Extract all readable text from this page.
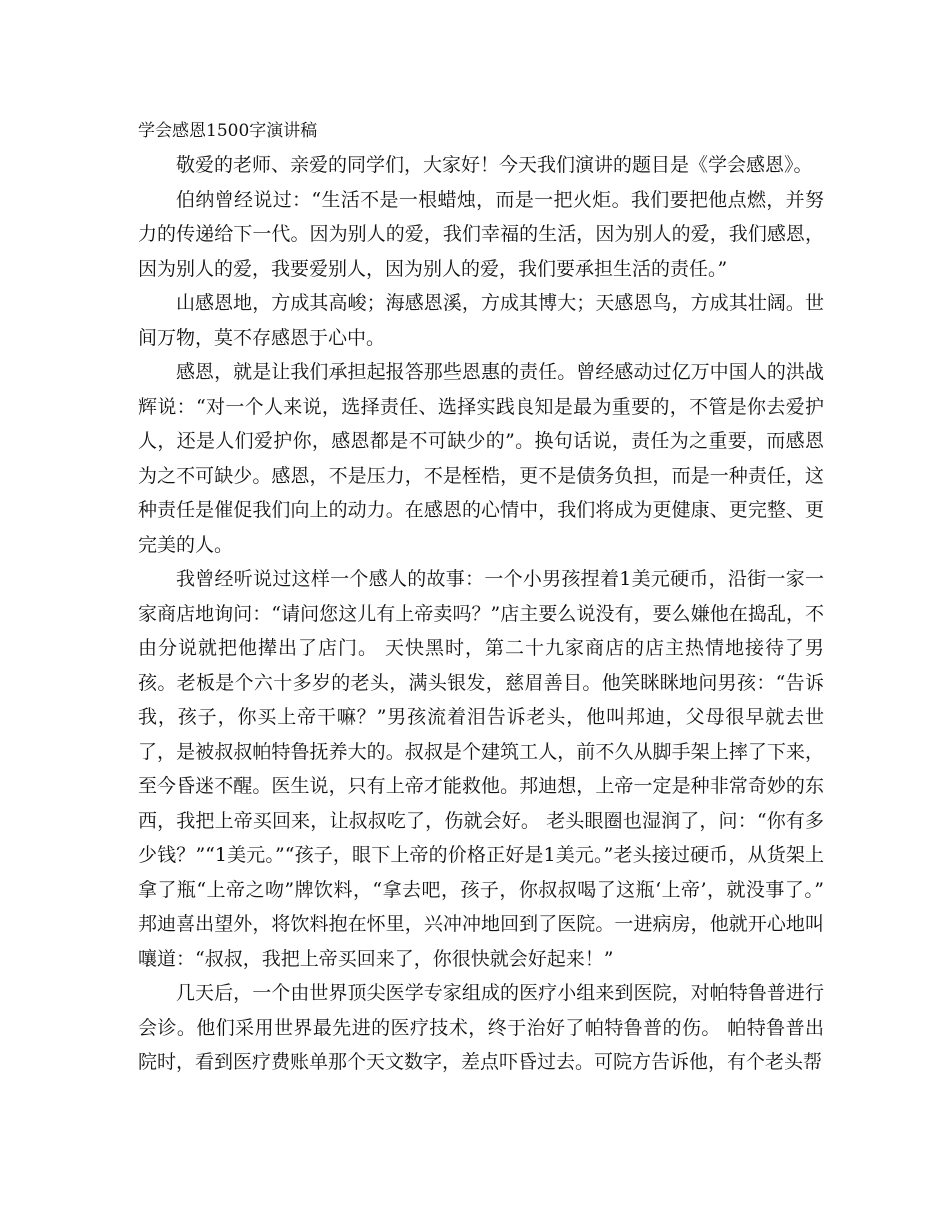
学会感恩1500字演讲稿

敬爱的老师、亲爱的同学们，大家好！今天我们演讲的题目是《学会感恩》。

伯纳曾经说过：“生活不是一根蜡烛，而是一把火炬。我们要把他点燃，并努力的传递给下一代。因为别人的爱，我们幸福的生活，因为别人的爱，我们感恩，因为别人的爱，我要爱别人，因为别人的爱，我们要承担生活的责任。”

山感恩地，方成其高峻；海感恩溪，方成其博大；天感恩鸟，方成其壮阔。世间万物，莫不存感恩于心中。

感恩，就是让我们承担起报答那些恩惠的责任。曾经感动过亿万中国人的洪战辉说：“对一个人来说，选择责任、选择实践良知是最为重要的，不管是你去爱护人，还是人们爱护你，感恩都是不可缺少的”。换句话说，责任为之重要，而感恩为之不可缺少。感恩，不是压力，不是桎梏，更不是债务负担，而是一种责任，这种责任是催促我们向上的动力。在感恩的心情中，我们将成为更健康、更完整、更完美的人。

我曾经听说过这样一个感人的故事：一个小男孩捏着1美元硬币，沿街一家一家商店地询问：“请问您这儿有上帝卖吗？”店主要么说没有，要么嫌他在捣乱，不由分说就把他撵出了店门。 天快黑时，第二十九家商店的店主热情地接待了男孩。老板是个六十多岁的老头，满头银发，慈眉善目。他笑眯眯地问男孩：“告诉我，孩子，你买上帝干嘛？”男孩流着泪告诉老头，他叫邦迪，父母很早就去世了，是被叔叔帕特鲁抚养大的。叔叔是个建筑工人，前不久从脚手架上摔了下来，至今昏迷不醒。医生说，只有上帝才能救他。邦迪想，上帝一定是种非常奇妙的东西，我把上帝买回来，让叔叔吃了，伤就会好。 老头眼圈也湿润了，问：“你有多少钱？”“1美元。”“孩子，眼下上帝的价格正好是1美元。”老头接过硬币，从货架上拿了瓶“上帝之吻”牌饮料，“拿去吧，孩子，你叔叔喝了这瓶‘上帝’，就没事了。” 邦迪喜出望外，将饮料抱在怀里，兴冲冲地回到了医院。一进病房，他就开心地叫嚷道：“叔叔，我把上帝买回来了，你很快就会好起来！”

几天后，一个由世界顶尖医学专家组成的医疗小组来到医院，对帕特鲁普进行会诊。他们采用世界最先进的医疗技术，终于治好了帕特鲁普的伤。 帕特鲁普出院时，看到医疗费账单那个天文数字，差点吓昏过去。可院方告诉他，有个老头帮
